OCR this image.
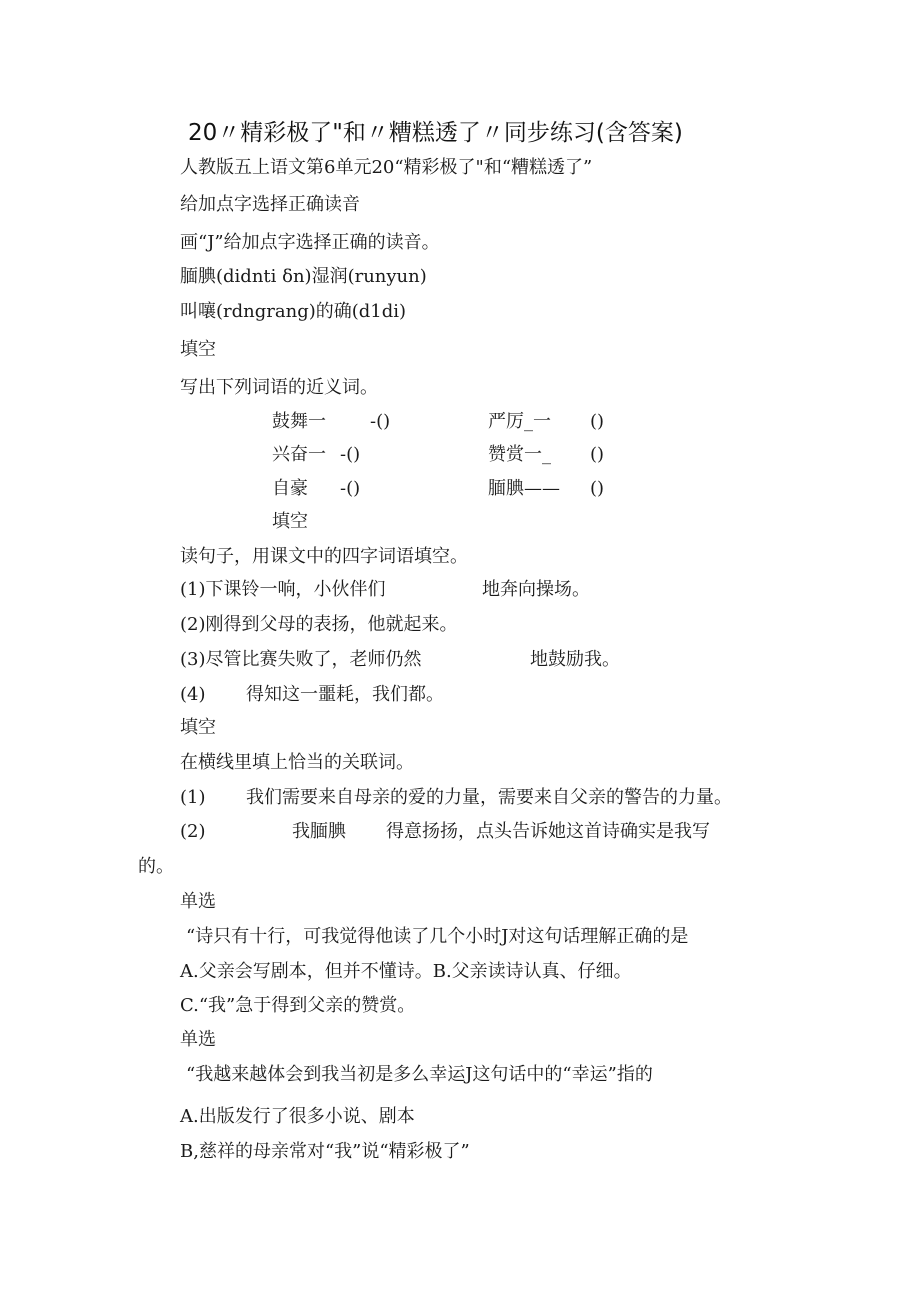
20〃精彩极了"和〃糟糕透了〃同步练习(含答案)
人教版五上语文第6单元20“精彩极了"和“糟糕透了”
给加点字选择正确读音
画“J”给加点字选择正确的读音。
腼腆(didnti δn)湿润(runyun)
叫嚷(rdngrang)的确(d1di)
填空
写出下列词语的近义词。
鼓舞一 -()	严厉_一 ()
兴奋一 -()	赞赏一_ ()
自豪 -()	腼腆—— ()
填空
读句子，用课文中的四字词语填空。
(1)下课铃一响，小伙伴们	地奔向操场。
(2)刚得到父母的表扬，他就起来。
(3)尽管比赛失败了，老师仍然	地鼓励我。
(4) 得知这一噩耗，我们都。
填空
在横线里填上恰当的关联词。
(1) 我们需要来自母亲的爱的力量，需要来自父亲的警告的力量。
(2)	我腼腆 得意扬扬，点头告诉她这首诗确实是我写
的。
单选
“诗只有十行，可我觉得他读了几个小时J对这句话理解正确的是
A.父亲会写剧本，但并不懂诗。B.父亲读诗认真、仔细。
C.“我”急于得到父亲的赞赏。
单选
“我越来越体会到我当初是多么幸运J这句话中的“幸运”指的
A.出版发行了很多小说、剧本
B,慈祥的母亲常对“我”说“精彩极了”
